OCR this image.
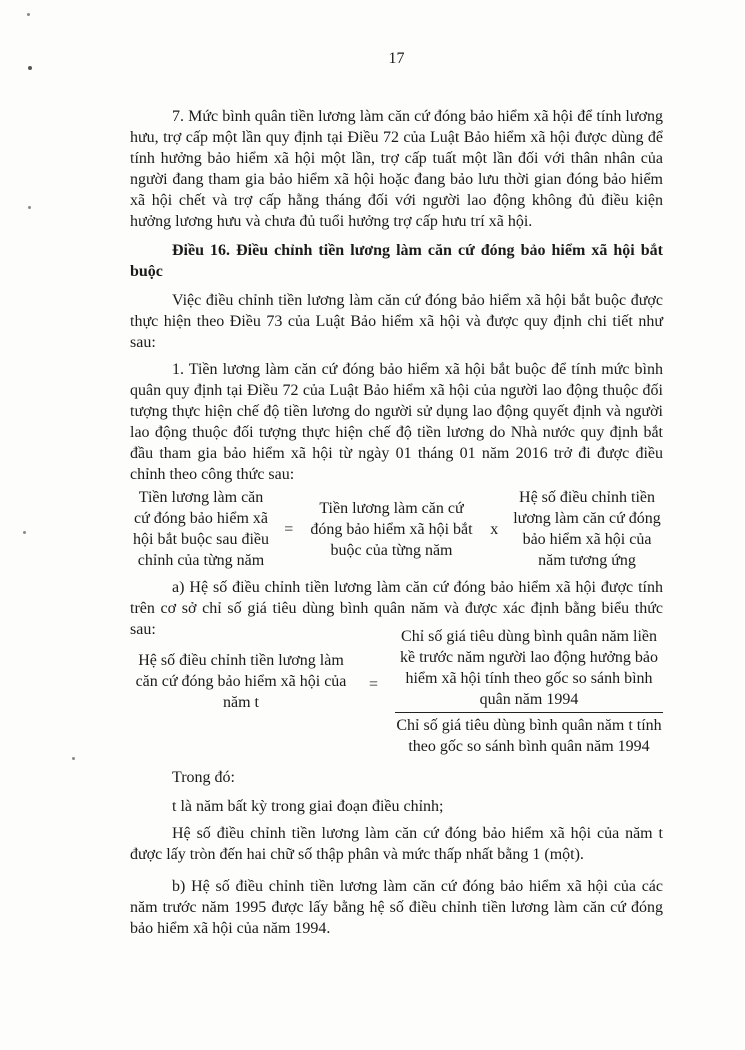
17

7. Mức bình quân tiền lương làm căn cứ đóng bảo hiểm xã hội để tính lương hưu, trợ cấp một lần quy định tại Điều 72 của Luật Bảo hiểm xã hội được dùng để tính hưởng bảo hiểm xã hội một lần, trợ cấp tuất một lần đối với thân nhân của người đang tham gia bảo hiểm xã hội hoặc đang bảo lưu thời gian đóng bảo hiểm xã hội chết và trợ cấp hằng tháng đối với người lao động không đủ điều kiện hưởng lương hưu và chưa đủ tuổi hưởng trợ cấp hưu trí xã hội.

Điều 16. Điều chỉnh tiền lương làm căn cứ đóng bảo hiểm xã hội bắt buộc

Việc điều chỉnh tiền lương làm căn cứ đóng bảo hiểm xã hội bắt buộc được thực hiện theo Điều 73 của Luật Bảo hiểm xã hội và được quy định chi tiết như sau:

1. Tiền lương làm căn cứ đóng bảo hiểm xã hội bắt buộc để tính mức bình quân quy định tại Điều 72 của Luật Bảo hiểm xã hội của người lao động thuộc đối tượng thực hiện chế độ tiền lương do người sử dụng lao động quyết định và người lao động thuộc đối tượng thực hiện chế độ tiền lương do Nhà nước quy định bắt đầu tham gia bảo hiểm xã hội từ ngày 01 tháng 01 năm 2016 trở đi được điều chỉnh theo công thức sau:

Tiền lương làm căn cứ đóng bảo hiểm xã hội bắt buộc sau điều chỉnh của từng năm
=
Tiền lương làm căn cứ đóng bảo hiểm xã hội bắt buộc của từng năm
x
Hệ số điều chỉnh tiền lương làm căn cứ đóng bảo hiểm xã hội của năm tương ứng

a) Hệ số điều chỉnh tiền lương làm căn cứ đóng bảo hiểm xã hội được tính trên cơ sở chỉ số giá tiêu dùng bình quân năm và được xác định bằng biểu thức sau:

Hệ số điều chỉnh tiền lương làm căn cứ đóng bảo hiểm xã hội của năm t
=
Chỉ số giá tiêu dùng bình quân năm liền kề trước năm người lao động hưởng bảo hiểm xã hội tính theo gốc so sánh bình quân năm 1994
Chỉ số giá tiêu dùng bình quân năm t tính theo gốc so sánh bình quân năm 1994

Trong đó:

t là năm bất kỳ trong giai đoạn điều chỉnh;

Hệ số điều chỉnh tiền lương làm căn cứ đóng bảo hiểm xã hội của năm t được lấy tròn đến hai chữ số thập phân và mức thấp nhất bằng 1 (một).

b) Hệ số điều chỉnh tiền lương làm căn cứ đóng bảo hiểm xã hội của các năm trước năm 1995 được lấy bằng hệ số điều chỉnh tiền lương làm căn cứ đóng bảo hiểm xã hội của năm 1994.
